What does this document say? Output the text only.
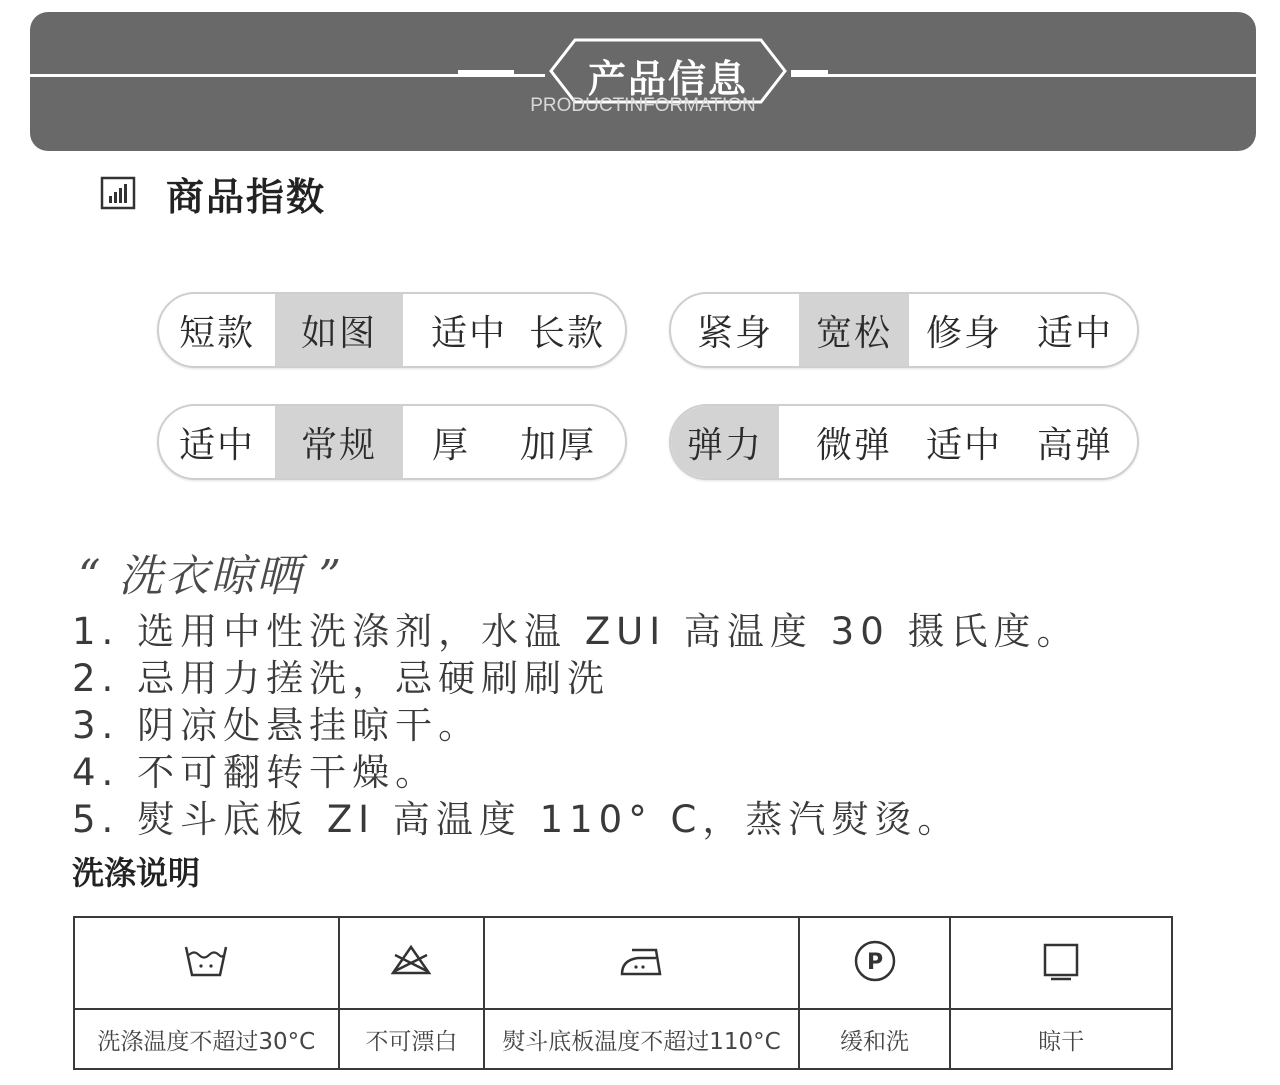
产品信息
PRODUCTINFORMATION
商品指数
短款	如图	适中 长款	紧身	宽松 修身 适中
适中	常规	厚	加厚	弹力	微弹 适中 高弹
“ 洗衣晾晒 ”
1. 选用中性洗涤剂，水温 ZUI 高温度 30 摄氏度。
2. 忌用力搓洗，忌硬刷刷洗
3. 阴凉处悬挂晾干。
4. 不可翻转干燥。
5. 熨斗底板 ZI 高温度 110° C，蒸汽熨烫。
洗涤说明

P

洗涤温度不超过30°C	不可漂白	熨斗底板温度不超过110°C	缓和洗	晾干
